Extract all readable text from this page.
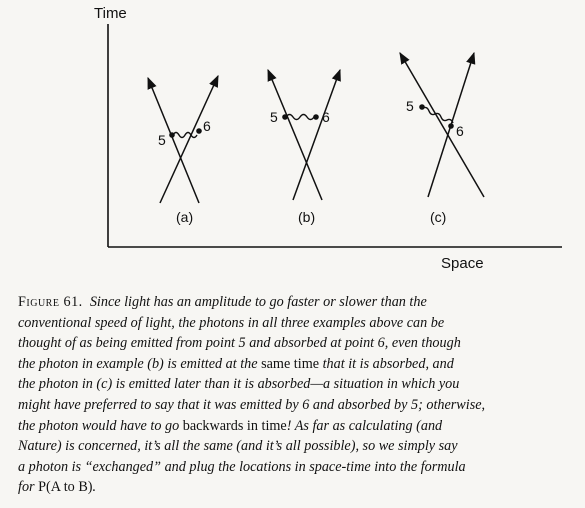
5
6
(a)
5	6
(b)
5
6
(c)
Time
Space
Figure 61. Since light has an amplitude to go faster or slower than the
conventional speed of light, the photons in all three examples above can be
thought of as being emitted from point 5 and absorbed at point 6, even though
the photon in example (b) is emitted at the same time that it is absorbed, and
the photon in (c) is emitted later than it is absorbed—a situation in which you
might have preferred to say that it was emitted by 6 and absorbed by 5; otherwise,
the photon would have to go backwards in time! As far as calculating (and
Nature) is concerned, it’s all the same (and it’s all possible), so we simply say
a photon is “exchanged” and plug the locations in space-time into the formula
for P(A to B).
